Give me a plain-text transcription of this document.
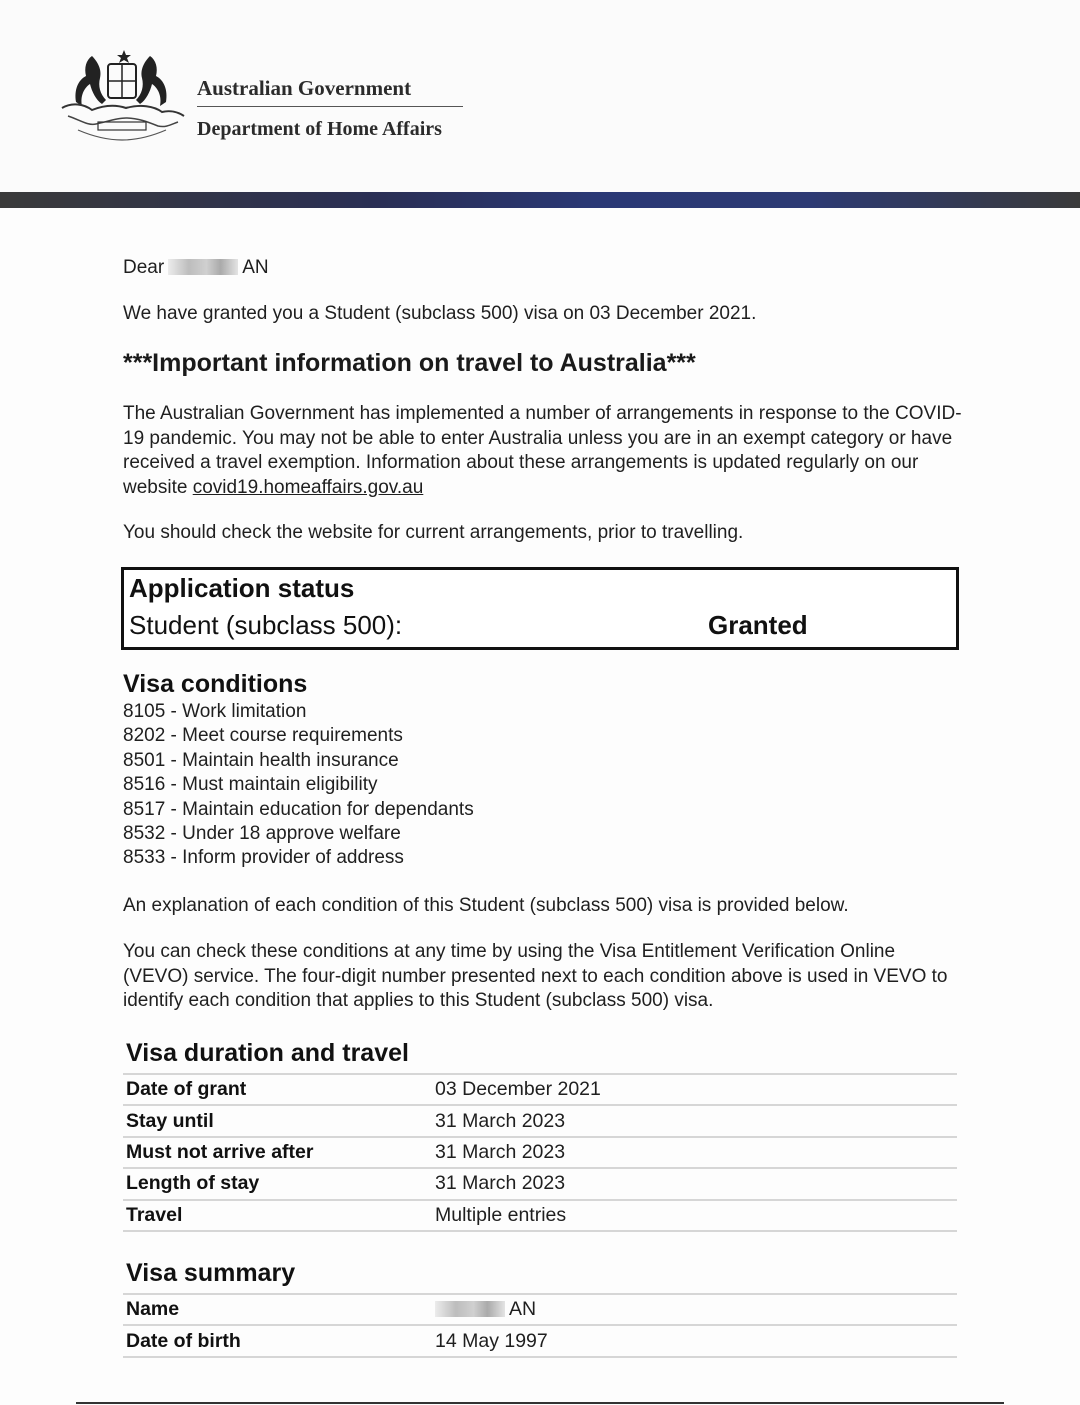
Australian Government
Department of Home Affairs
Dear	AN
We have granted you a Student (subclass 500) visa on 03 December 2021.
***Important information on travel to Australia***
The Australian Government has implemented a number of arrangements in response to the COVID-19 pandemic. You may not be able to enter Australia unless you are in an exempt category or have received a travel exemption. Information about these arrangements is updated regularly on our website covid19.homeaffairs.gov.au
You should check the website for current arrangements, prior to travelling.
Application status
Student (subclass 500):	Granted
Visa conditions
8105 - Work limitation
8202 - Meet course requirements
8501 - Maintain health insurance
8516 - Must maintain eligibility
8517 - Maintain education for dependants
8532 - Under 18 approve welfare
8533 - Inform provider of address
An explanation of each condition of this Student (subclass 500) visa is provided below.
You can check these conditions at any time by using the Visa Entitlement Verification Online (VEVO) service. The four-digit number presented next to each condition above is used in VEVO to identify each condition that applies to this Student (subclass 500) visa.
Visa duration and travel
Date of grant	03 December 2021
Stay until	31 March 2023
Must not arrive after	31 March 2023
Length of stay	31 March 2023
Travel	Multiple entries
Visa summary
Name	AN
Date of birth	14 May 1997
